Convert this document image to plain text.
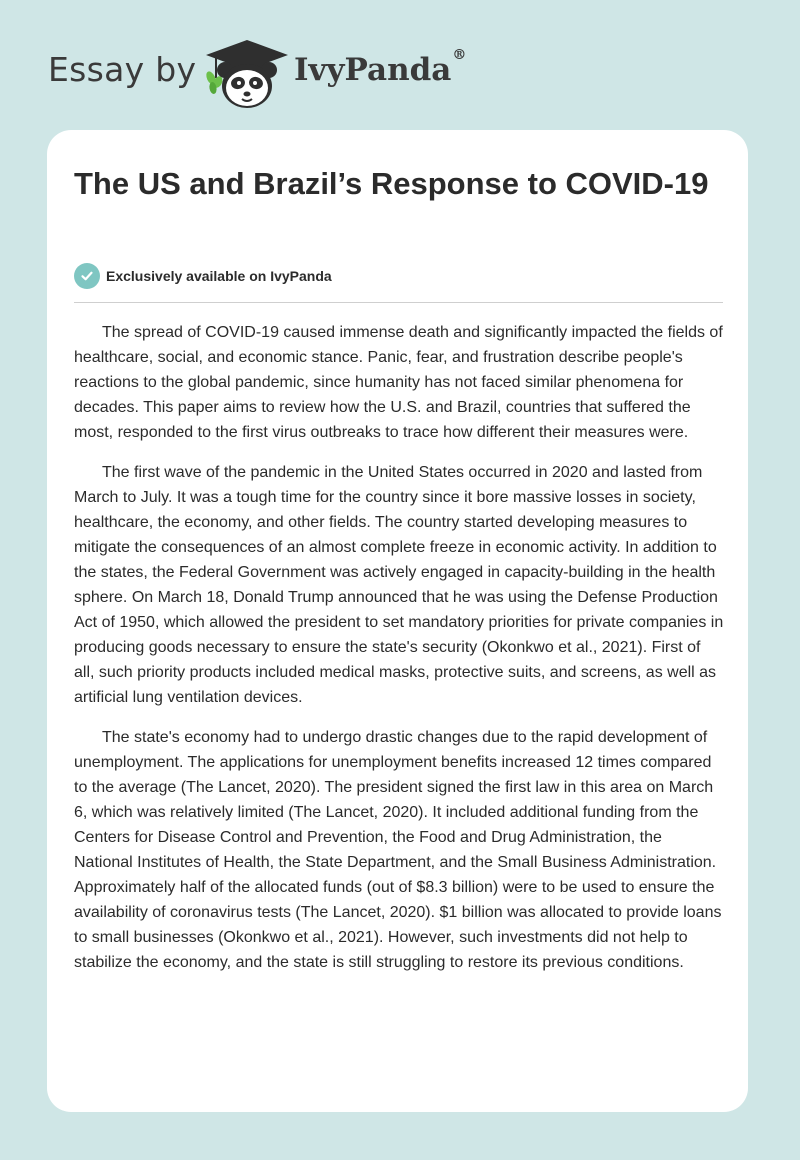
Essay by	IvyPanda®
The US and Brazil’s Response to COVID-19
Exclusively available on IvyPanda

The spread of COVID-19 caused immense death and significantly impacted the fields of healthcare, social, and economic stance. Panic, fear, and frustration describe people's reactions to the global pandemic, since humanity has not faced similar phenomena for decades. This paper aims to review how the U.S. and Brazil, countries that suffered the most, responded to the first virus outbreaks to trace how different their measures were.

The first wave of the pandemic in the United States occurred in 2020 and lasted from March to July. It was a tough time for the country since it bore massive losses in society, healthcare, the economy, and other fields. The country started developing measures to mitigate the consequences of an almost complete freeze in economic activity. In addition to the states, the Federal Government was actively engaged in capacity-building in the health sphere. On March 18, Donald Trump announced that he was using the Defense Production Act of 1950, which allowed the president to set mandatory priorities for private companies in producing goods necessary to ensure the state's security (Okonkwo et al., 2021). First of all, such priority products included medical masks, protective suits, and screens, as well as artificial lung ventilation devices.

The state's economy had to undergo drastic changes due to the rapid development of unemployment. The applications for unemployment benefits increased 12 times compared to the average (The Lancet, 2020). The president signed the first law in this area on March 6, which was relatively limited (The Lancet, 2020). It included additional funding from the Centers for Disease Control and Prevention, the Food and Drug Administration, the National Institutes of Health, the State Department, and the Small Business Administration. Approximately half of the allocated funds (out of $8.3 billion) were to be used to ensure the availability of coronavirus tests (The Lancet, 2020). $1 billion was allocated to provide loans to small businesses (Okonkwo et al., 2021). However, such investments did not help to stabilize the economy, and the state is still struggling to restore its previous conditions.
